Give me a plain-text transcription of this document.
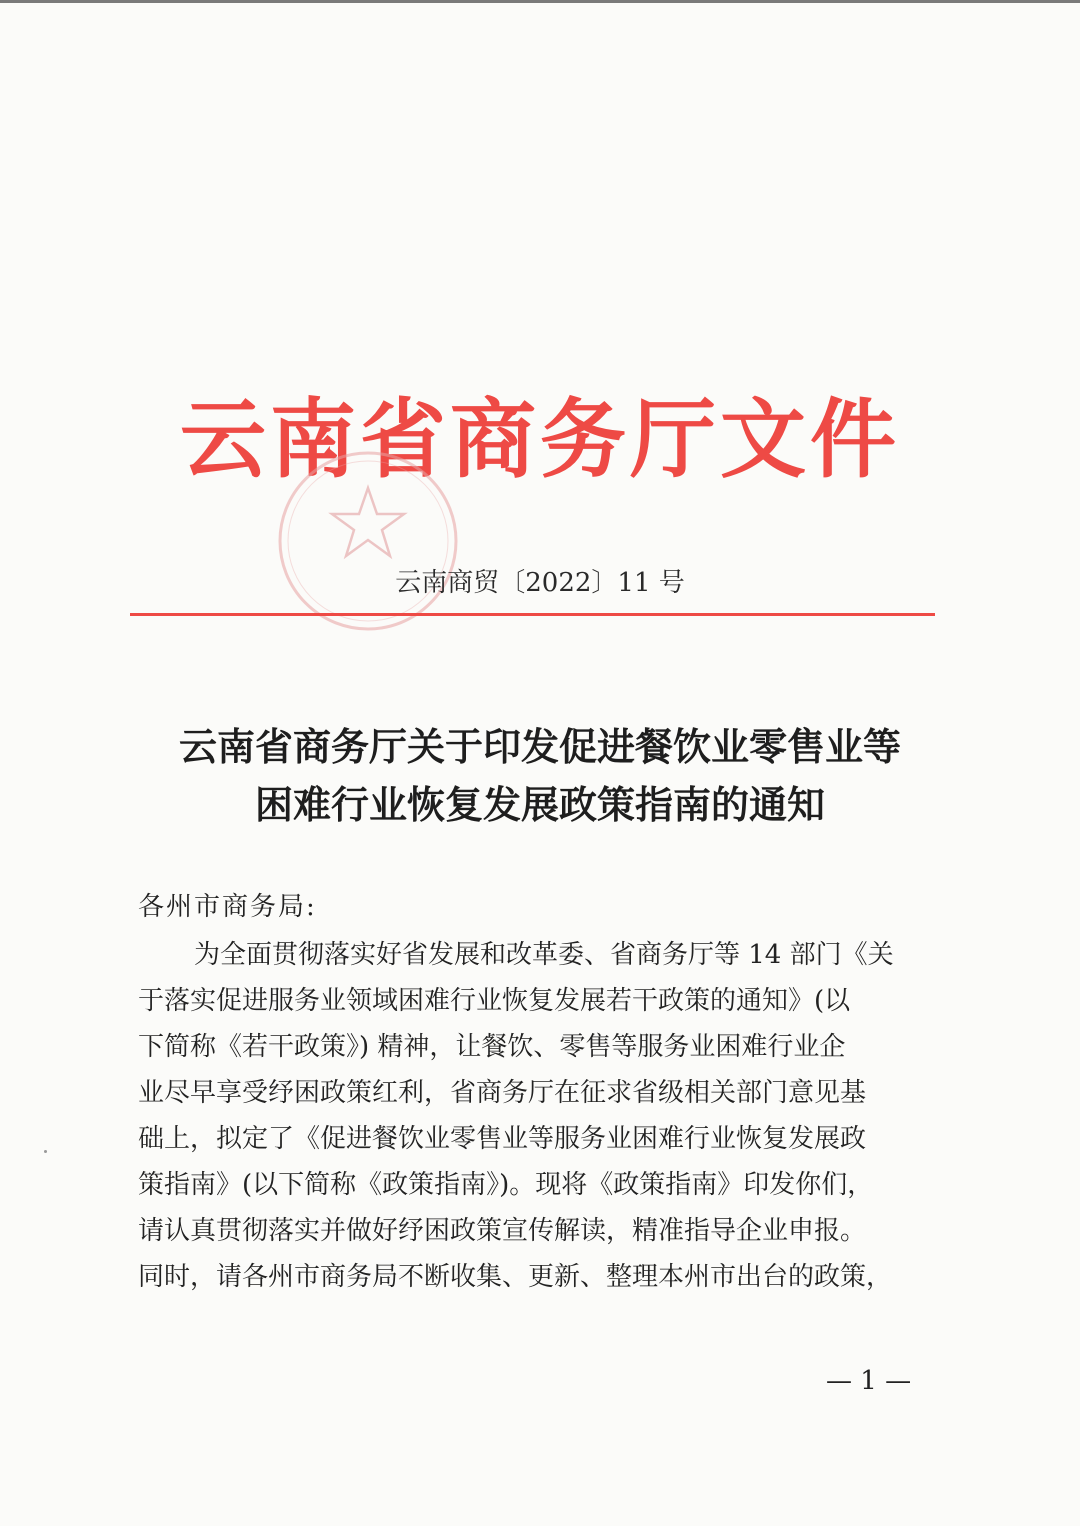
云南省商务厅文件
云南商贸〔2022〕11 号
云南省商务厅关于印发促进餐饮业零售业等
困难行业恢复发展政策指南的通知
各州市商务局:
为全面贯彻落实好省发展和改革委、省商务厅等 14 部门《关
于落实促进服务业领域困难行业恢复发展若干政策的通知》(以
下简称《若干政策》) 精神，让餐饮、零售等服务业困难行业企
业尽早享受纾困政策红利，省商务厅在征求省级相关部门意见基
础上，拟定了《促进餐饮业零售业等服务业困难行业恢复发展政
策指南》(以下简称《政策指南》)。现将《政策指南》印发你们，
请认真贯彻落实并做好纾困政策宣传解读，精准指导企业申报。
同时，请各州市商务局不断收集、更新、整理本州市出台的政策，
— 1 —
